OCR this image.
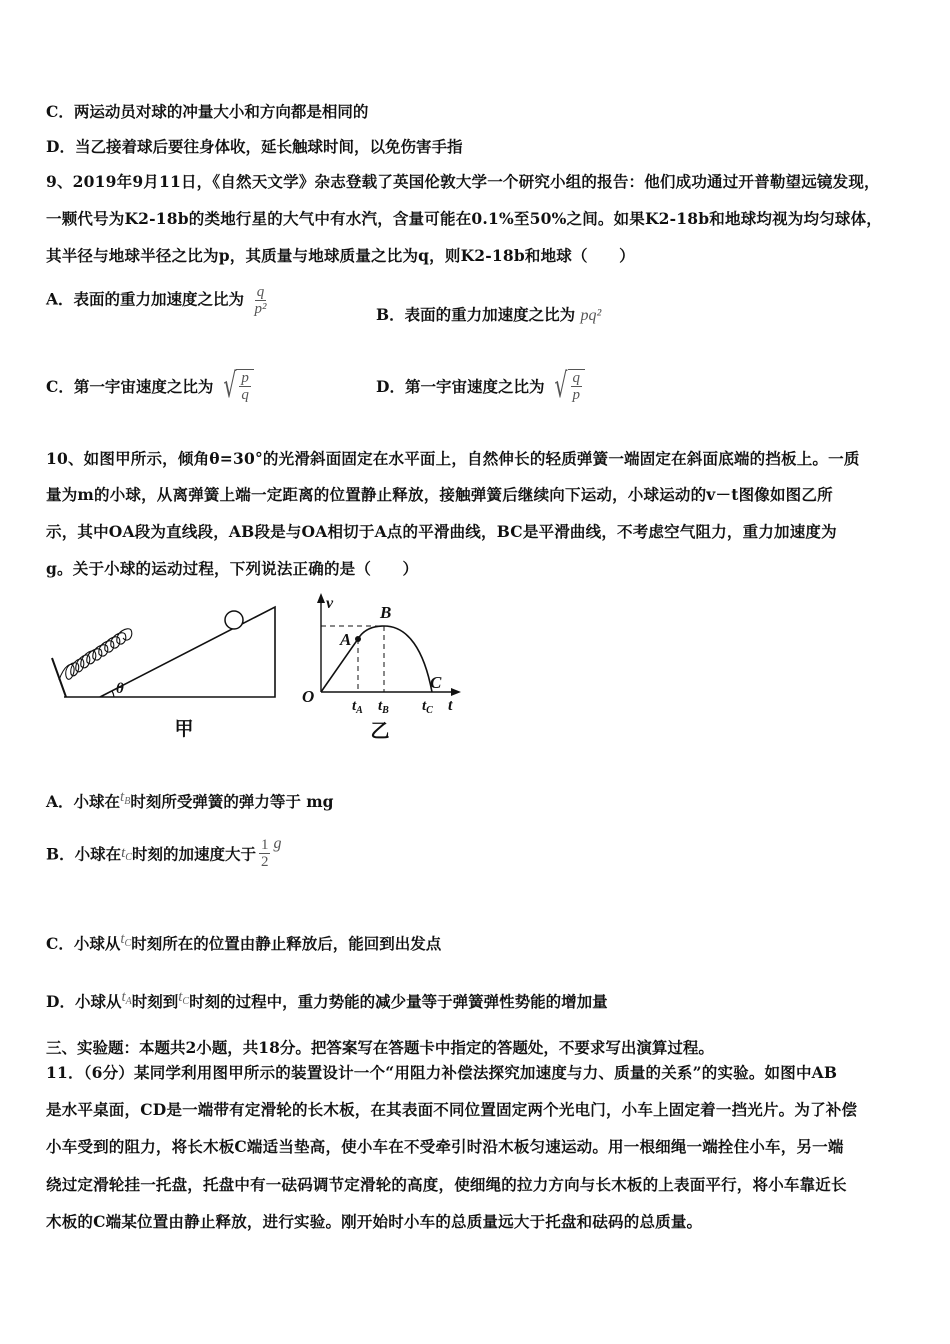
C．两运动员对球的冲量大小和方向都是相同的
D．当乙接着球后要往身体收，延长触球时间，以免伤害手指
9、2019年9月11日，《自然天文学》杂志登载了英国伦敦大学一个研究小组的报告：他们成功通过开普勒望远镜发现，
一颗代号为K2-18b的类地行星的大气中有水汽，含量可能在0.1%至50%之间。如果K2-18b和地球均视为均匀球体，
其半径与地球半径之比为p，其质量与地球质量之比为q，则K2-18b和地球（　　）
A．表面的重力加速度之比为 $\frac{q}{\text{p²}}$	B．表面的重力加速度之比为 pq²
C．第一宇宙速度之比为 √ $\frac{p}{q}$	D．第一宇宙速度之比为 √ $\frac{q}{p}$
10、如图甲所示，倾角θ=30°的光滑斜面固定在水平面上，自然伸长的轻质弹簧一端固定在斜面底端的挡板上。一质
量为m的小球，从离弹簧上端一定距离的位置静止释放，接触弹簧后继续向下运动，小球运动的v－t图像如图乙所
示，其中OA段为直线段，AB段是与OA相切于A点的平滑曲线，BC是平滑曲线，不考虑空气阻力，重力加速度为
g。关于小球的运动过程，下列说法正确的是（　　）
θ
甲
v
t
O
A
B
C
$t_A$ $t_B$ $t_C$
乙
A．小球在$t_B$时刻所受弹簧的弹力等于 mg
B．小球在$t_C$时刻的加速度大于 $\frac{1}{2}$ g
C．小球从$t_C$时刻所在的位置由静止释放后，能回到出发点
D．小球从$t_A$时刻到$t_C$时刻的过程中，重力势能的减少量等于弹簧弹性势能的增加量
三、实验题：本题共2小题，共18分。把答案写在答题卡中指定的答题处，不要求写出演算过程。
11．（6分）某同学利用图甲所示的装置设计一个“用阻力补偿法探究加速度与力、质量的关系”的实验。如图中AB
是水平桌面，CD是一端带有定滑轮的长木板，在其表面不同位置固定两个光电门，小车上固定着一挡光片。为了补偿
小车受到的阻力，将长木板C端适当垫高，使小车在不受牵引时沿木板匀速运动。用一根细绳一端拴住小车，另一端
绕过定滑轮挂一托盘，托盘中有一砝码调节定滑轮的高度，使细绳的拉力方向与长木板的上表面平行，将小车靠近长
木板的C端某位置由静止释放，进行实验。刚开始时小车的总质量远大于托盘和砝码的总质量。
